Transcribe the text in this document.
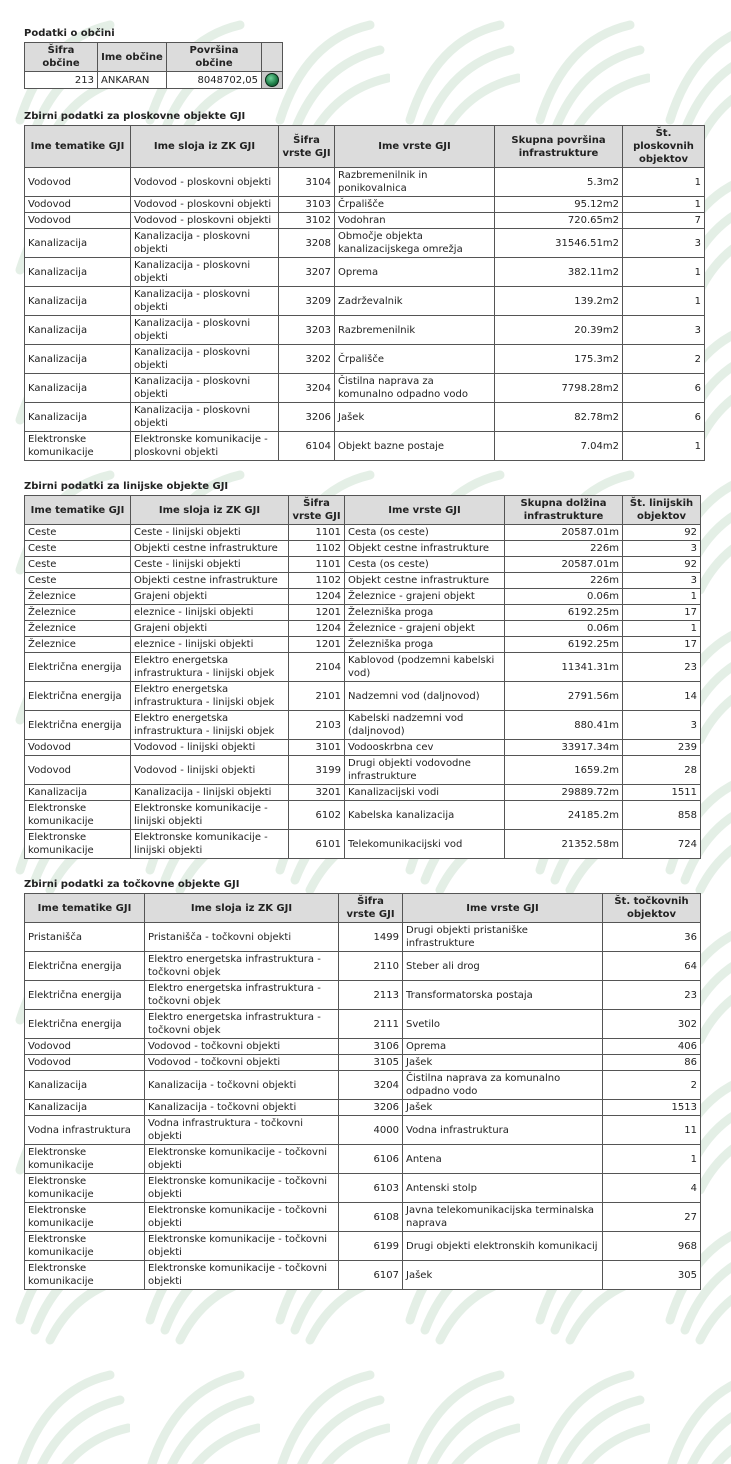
Podatki o občini
Šifra občine	Ime občine	Površina občine	
213	ANKARAN	8048702,05	
Zbirni podatki za ploskovne objekte GJI
Ime tematike GJI	Ime sloja iz ZK GJI	Šifra vrste GJI	Ime vrste GJI	Skupna površina infrastrukture	Št. ploskovnih objektov
Vodovod	Vodovod - ploskovni objekti	3104	Razbremenilnik in ponikovalnica	5.3m2	1
Vodovod	Vodovod - ploskovni objekti	3103	Črpališče	95.12m2	1
Vodovod	Vodovod - ploskovni objekti	3102	Vodohran	720.65m2	7
Kanalizacija	Kanalizacija - ploskovni objekti	3208	Območje objekta kanalizacijskega omrežja	31546.51m2	3
Kanalizacija	Kanalizacija - ploskovni objekti	3207	Oprema	382.11m2	1
Kanalizacija	Kanalizacija - ploskovni objekti	3209	Zadrževalnik	139.2m2	1
Kanalizacija	Kanalizacija - ploskovni objekti	3203	Razbremenilnik	20.39m2	3
Kanalizacija	Kanalizacija - ploskovni objekti	3202	Črpališče	175.3m2	2
Kanalizacija	Kanalizacija - ploskovni objekti	3204	Čistilna naprava za komunalno odpadno vodo	7798.28m2	6
Kanalizacija	Kanalizacija - ploskovni objekti	3206	Jašek	82.78m2	6
Elektronske komunikacije	Elektronske komunikacije - ploskovni objekti	6104	Objekt bazne postaje	7.04m2	1
Zbirni podatki za linijske objekte GJI
Ime tematike GJI	Ime sloja iz ZK GJI	Šifra vrste GJI	Ime vrste GJI	Skupna dolžina infrastrukture	Št. linijskih objektov
Ceste	Ceste - linijski objekti	1101	Cesta (os ceste)	20587.01m	92
Ceste	Objekti cestne infrastrukture	1102	Objekt cestne infrastrukture	226m	3
Ceste	Ceste - linijski objekti	1101	Cesta (os ceste)	20587.01m	92
Ceste	Objekti cestne infrastrukture	1102	Objekt cestne infrastrukture	226m	3
Železnice	Grajeni objekti	1204	Železnice - grajeni objekt	0.06m	1
Železnice	eleznice - linijski objekti	1201	Železniška proga	6192.25m	17
Železnice	Grajeni objekti	1204	Železnice - grajeni objekt	0.06m	1
Železnice	eleznice - linijski objekti	1201	Železniška proga	6192.25m	17
Električna energija	Elektro energetska infrastruktura - linijski objek	2104	Kablovod (podzemni kabelski vod)	11341.31m	23
Električna energija	Elektro energetska infrastruktura - linijski objek	2101	Nadzemni vod (daljnovod)	2791.56m	14
Električna energija	Elektro energetska infrastruktura - linijski objek	2103	Kabelski nadzemni vod (daljnovod)	880.41m	3
Vodovod	Vodovod - linijski objekti	3101	Vodooskrbna cev	33917.34m	239
Vodovod	Vodovod - linijski objekti	3199	Drugi objekti vodovodne infrastrukture	1659.2m	28
Kanalizacija	Kanalizacija - linijski objekti	3201	Kanalizacijski vodi	29889.72m	1511
Elektronske komunikacije	Elektronske komunikacije - linijski objekti	6102	Kabelska kanalizacija	24185.2m	858
Elektronske komunikacije	Elektronske komunikacije - linijski objekti	6101	Telekomunikacijski vod	21352.58m	724
Zbirni podatki za točkovne objekte GJI
Ime tematike GJI	Ime sloja iz ZK GJI	Šifra vrste GJI	Ime vrste GJI	Št. točkovnih objektov
Pristanišča	Pristanišča - točkovni objekti	1499	Drugi objekti pristaniške infrastrukture	36
Električna energija	Elektro energetska infrastruktura - točkovni objek	2110	Steber ali drog	64
Električna energija	Elektro energetska infrastruktura - točkovni objek	2113	Transformatorska postaja	23
Električna energija	Elektro energetska infrastruktura - točkovni objek	2111	Svetilo	302
Vodovod	Vodovod - točkovni objekti	3106	Oprema	406
Vodovod	Vodovod - točkovni objekti	3105	Jašek	86
Kanalizacija	Kanalizacija - točkovni objekti	3204	Čistilna naprava za komunalno odpadno vodo	2
Kanalizacija	Kanalizacija - točkovni objekti	3206	Jašek	1513
Vodna infrastruktura	Vodna infrastruktura - točkovni objekti	4000	Vodna infrastruktura	11
Elektronske komunikacije	Elektronske komunikacije - točkovni objekti	6106	Antena	1
Elektronske komunikacije	Elektronske komunikacije - točkovni objekti	6103	Antenski stolp	4
Elektronske komunikacije	Elektronske komunikacije - točkovni objekti	6108	Javna telekomunikacijska terminalska naprava	27
Elektronske komunikacije	Elektronske komunikacije - točkovni objekti	6199	Drugi objekti elektronskih komunikacij	968
Elektronske komunikacije	Elektronske komunikacije - točkovni objekti	6107	Jašek	305
